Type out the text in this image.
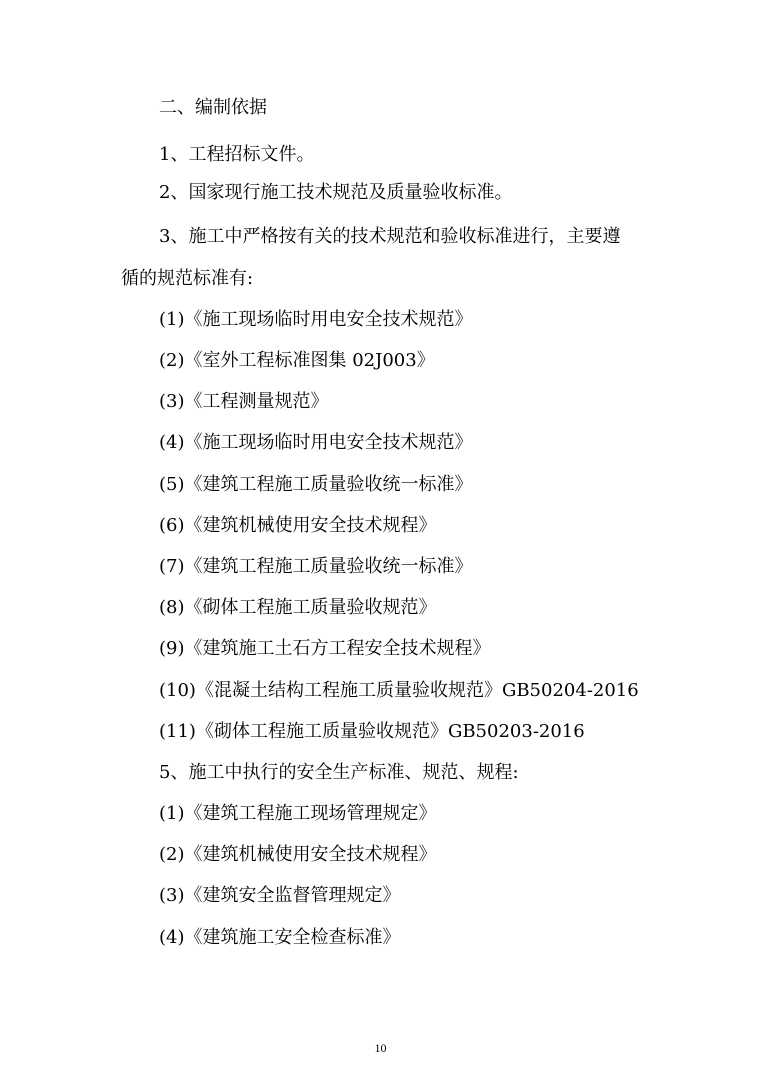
二、编制依据
1、工程招标文件。
2、国家现行施工技术规范及质量验收标准。
3、施工中严格按有关的技术规范和验收标准进行，主要遵
循的规范标准有:
(1)《施工现场临时用电安全技术规范》
(2)《室外工程标准图集 02J003》
(3)《工程测量规范》
(4)《施工现场临时用电安全技术规范》
(5)《建筑工程施工质量验收统一标准》
(6)《建筑机械使用安全技术规程》
(7)《建筑工程施工质量验收统一标准》
(8)《砌体工程施工质量验收规范》
(9)《建筑施工土石方工程安全技术规程》
(10)《混凝土结构工程施工质量验收规范》GB50204-2016
(11)《砌体工程施工质量验收规范》GB50203-2016
5、施工中执行的安全生产标准、规范、规程:
(1)《建筑工程施工现场管理规定》
(2)《建筑机械使用安全技术规程》
(3)《建筑安全监督管理规定》
(4)《建筑施工安全检查标准》
10
